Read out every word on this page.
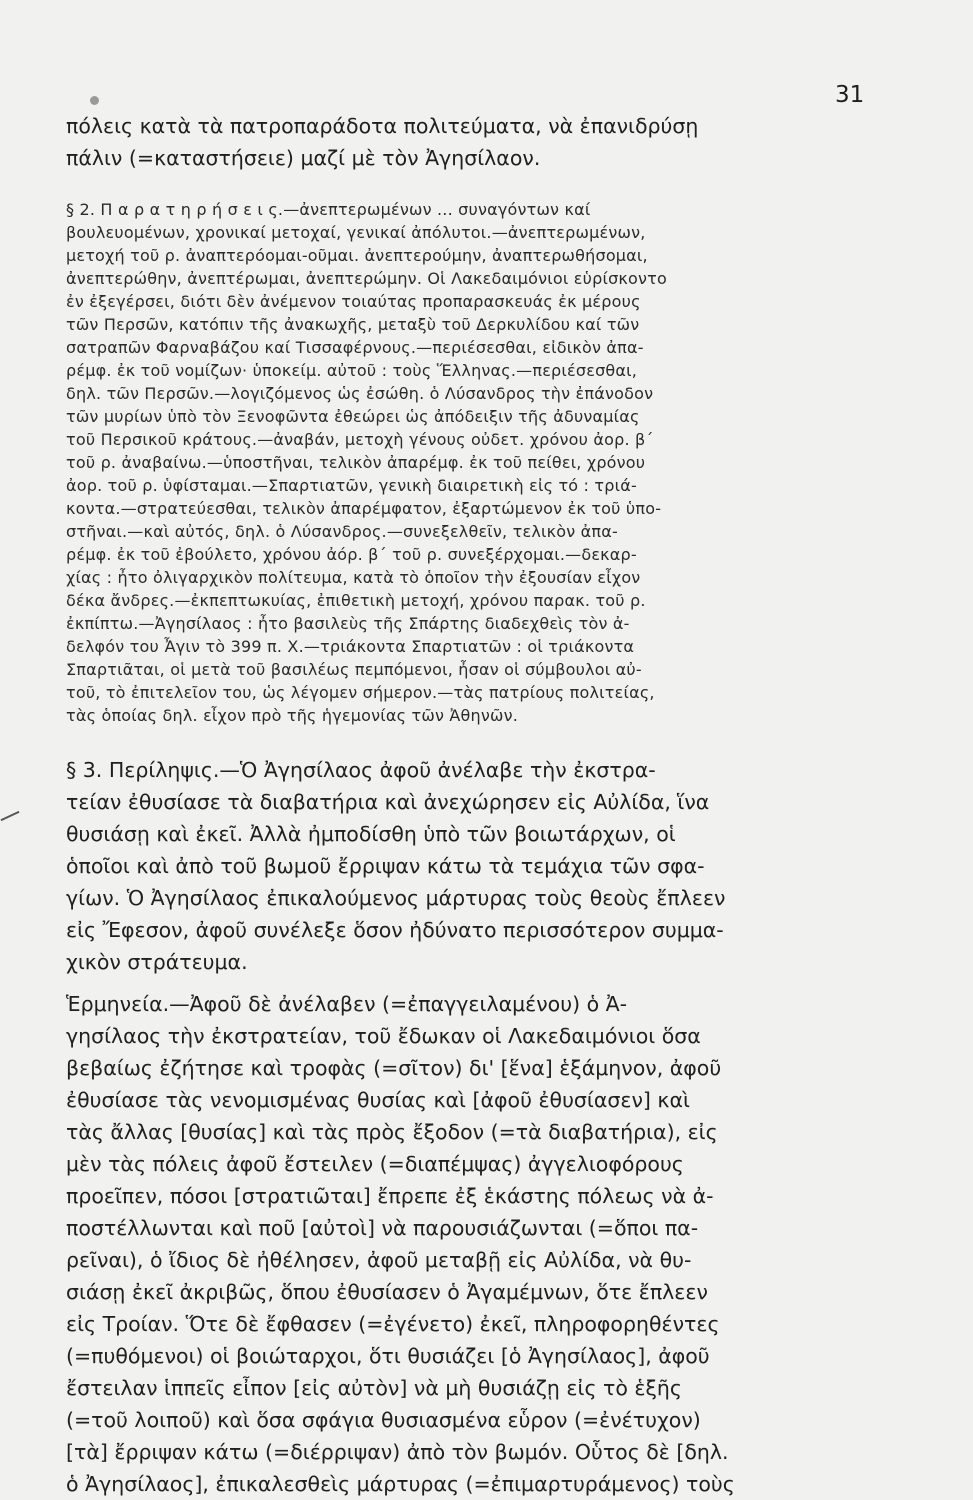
31
πόλεις κατὰ τὰ πατροπαράδοτα πολιτεύματα, νὰ ἐπανιδρύσῃ
πάλιν (=καταστήσειε) μαζί μὲ τὸν Ἀγησίλαον.
§ 2. Π α ρ α τ η ρ ή σ ε ι ς.—ἀνεπτερωμένων ... συναγόντων καί
βουλευομένων, χρονικαί μετοχαί, γενικαί ἀπόλυτοι.—ἀνεπτερωμένων,
μετοχή τοῦ ρ. ἀναπτερόομαι-οῦμαι. ἀνεπτερούμην, ἀναπτερωθήσομαι,
ἀνεπτερώθην, ἀνεπτέρωμαι, ἀνεπτερώμην. Οἱ Λακεδαιμόνιοι εὑρίσκοντο
ἐν ἐξεγέρσει, διότι δὲν ἀνέμενον τοιαύτας προπαρασκευάς ἐκ μέρους
τῶν Περσῶν, κατόπιν τῆς ἀνακωχῆς, μεταξὺ τοῦ Δερκυλίδου καί τῶν
σατραπῶν Φαρναβάζου καί Τισσαφέρνους.—περιέσεσθαι, εἰδικὸν ἀπα-
ρέμφ. ἐκ τοῦ νομίζων· ὑποκείμ. αὐτοῦ : τοὺς Ἕλληνας.—περιέσεσθαι,
δηλ. τῶν Περσῶν.—λογιζόμενος ὡς ἐσώθη. ὁ Λύσανδρος τὴν ἐπάνοδον
τῶν μυρίων ὑπὸ τὸν Ξενοφῶντα ἐθεώρει ὡς ἀπόδειξιν τῆς ἀδυναμίας
τοῦ Περσικοῦ κράτους.—ἀναβάν, μετοχὴ γένους οὐδετ. χρόνου ἀορ. β´
τοῦ ρ. ἀναβαίνω.—ὑποστῆναι, τελικὸν ἀπαρέμφ. ἐκ τοῦ πείθει, χρόνου
ἀορ. τοῦ ρ. ὑφίσταμαι.—Σπαρτιατῶν, γενικὴ διαιρετικὴ εἰς τό : τριά-
κοντα.—στρατεύεσθαι, τελικὸν ἀπαρέμφατον, ἐξαρτώμενον ἐκ τοῦ ὑπο-
στῆναι.—καὶ αὐτός, δηλ. ὁ Λύσανδρος.—συνεξελθεῖν, τελικὸν ἀπα-
ρέμφ. ἐκ τοῦ ἐβούλετο, χρόνου ἀόρ. β´ τοῦ ρ. συνεξέρχομαι.—δεκαρ-
χίας : ἦτο ὀλιγαρχικὸν πολίτευμα, κατὰ τὸ ὁποῖον τὴν ἐξουσίαν εἶχον
δέκα ἄνδρες.—ἐκπεπτωκυίας, ἐπιθετικὴ μετοχή, χρόνου παρακ. τοῦ ρ.
ἐκπίπτω.—Ἀγησίλαος : ἦτο βασιλεὺς τῆς Σπάρτης διαδεχθεὶς τὸν ἀ-
δελφόν του Ἆγιν τὸ 399 π. Χ.—τριάκοντα Σπαρτιατῶν : οἱ τριάκοντα
Σπαρτιᾶται, οἱ μετὰ τοῦ βασιλέως πεμπόμενοι, ἦσαν οἱ σύμβουλοι αὐ-
τοῦ, τὸ ἐπιτελεῖον του, ὡς λέγομεν σήμερον.—τὰς πατρίους πολιτείας,
τὰς ὁποίας δηλ. εἶχον πρὸ τῆς ἡγεμονίας τῶν Ἀθηνῶν.
§ 3. Περίληψις.—Ὁ Ἀγησίλαος ἀφοῦ ἀνέλαβε τὴν ἐκστρα-
τείαν ἐθυσίασε τὰ διαβατήρια καὶ ἀνεχώρησεν εἰς Αὐλίδα, ἵνα
θυσιάσῃ καὶ ἐκεῖ. Ἀλλὰ ἠμποδίσθη ὑπὸ τῶν βοιωτάρχων, οἱ
ὁποῖοι καὶ ἀπὸ τοῦ βωμοῦ ἔρριψαν κάτω τὰ τεμάχια τῶν σφα-
γίων. Ὁ Ἀγησίλαος ἐπικαλούμενος μάρτυρας τοὺς θεοὺς ἔπλεεν
εἰς Ἔφεσον, ἀφοῦ συνέλεξε ὅσον ἠδύνατο περισσότερον συμμα-
χικὸν στράτευμα.
Ἑρμηνεία.—Ἀφοῦ δὲ ἀνέλαβεν (=ἐπαγγειλαμένου) ὁ Ἀ-
γησίλαος τὴν ἐκστρατείαν, τοῦ ἔδωκαν οἱ Λακεδαιμόνιοι ὅσα
βεβαίως ἐζήτησε καὶ τροφὰς (=σῖτον) δι' [ἕνα] ἑξάμηνον, ἀφοῦ
ἐθυσίασε τὰς νενομισμένας θυσίας καὶ [ἀφοῦ ἐθυσίασεν] καὶ
τὰς ἄλλας [θυσίας] καὶ τὰς πρὸς ἔξοδον (=τὰ διαβατήρια), εἰς
μὲν τὰς πόλεις ἀφοῦ ἔστειλεν (=διαπέμψας) ἀγγελιοφόρους
προεῖπεν, πόσοι [στρατιῶται] ἔπρεπε ἐξ ἑκάστης πόλεως νὰ ἀ-
ποστέλλωνται καὶ ποῦ [αὐτοὶ] νὰ παρουσιάζωνται (=ὅποι πα-
ρεῖναι), ὁ ἴδιος δὲ ἠθέλησεν, ἀφοῦ μεταβῇ εἰς Αὐλίδα, νὰ θυ-
σιάσῃ ἐκεῖ ἀκριβῶς, ὅπου ἐθυσίασεν ὁ Ἀγαμέμνων, ὅτε ἔπλεεν
εἰς Τροίαν. Ὅτε δὲ ἔφθασεν (=ἐγένετο) ἐκεῖ, πληροφορηθέντες
(=πυθόμενοι) οἱ βοιώταρχοι, ὅτι θυσιάζει [ὁ Ἀγησίλαος], ἀφοῦ
ἔστειλαν ἱππεῖς εἶπον [εἰς αὐτὸν] νὰ μὴ θυσιάζῃ εἰς τὸ ἑξῆς
(=τοῦ λοιποῦ) καὶ ὅσα σφάγια θυσιασμένα εὗρον (=ἐνέτυχον)
[τὰ] ἔρριψαν κάτω (=διέρριψαν) ἀπὸ τὸν βωμόν. Οὗτος δὲ [δηλ.
ὁ Ἀγησίλαος], ἐπικαλεσθεὶς μάρτυρας (=ἐπιμαρτυράμενος) τοὺς
